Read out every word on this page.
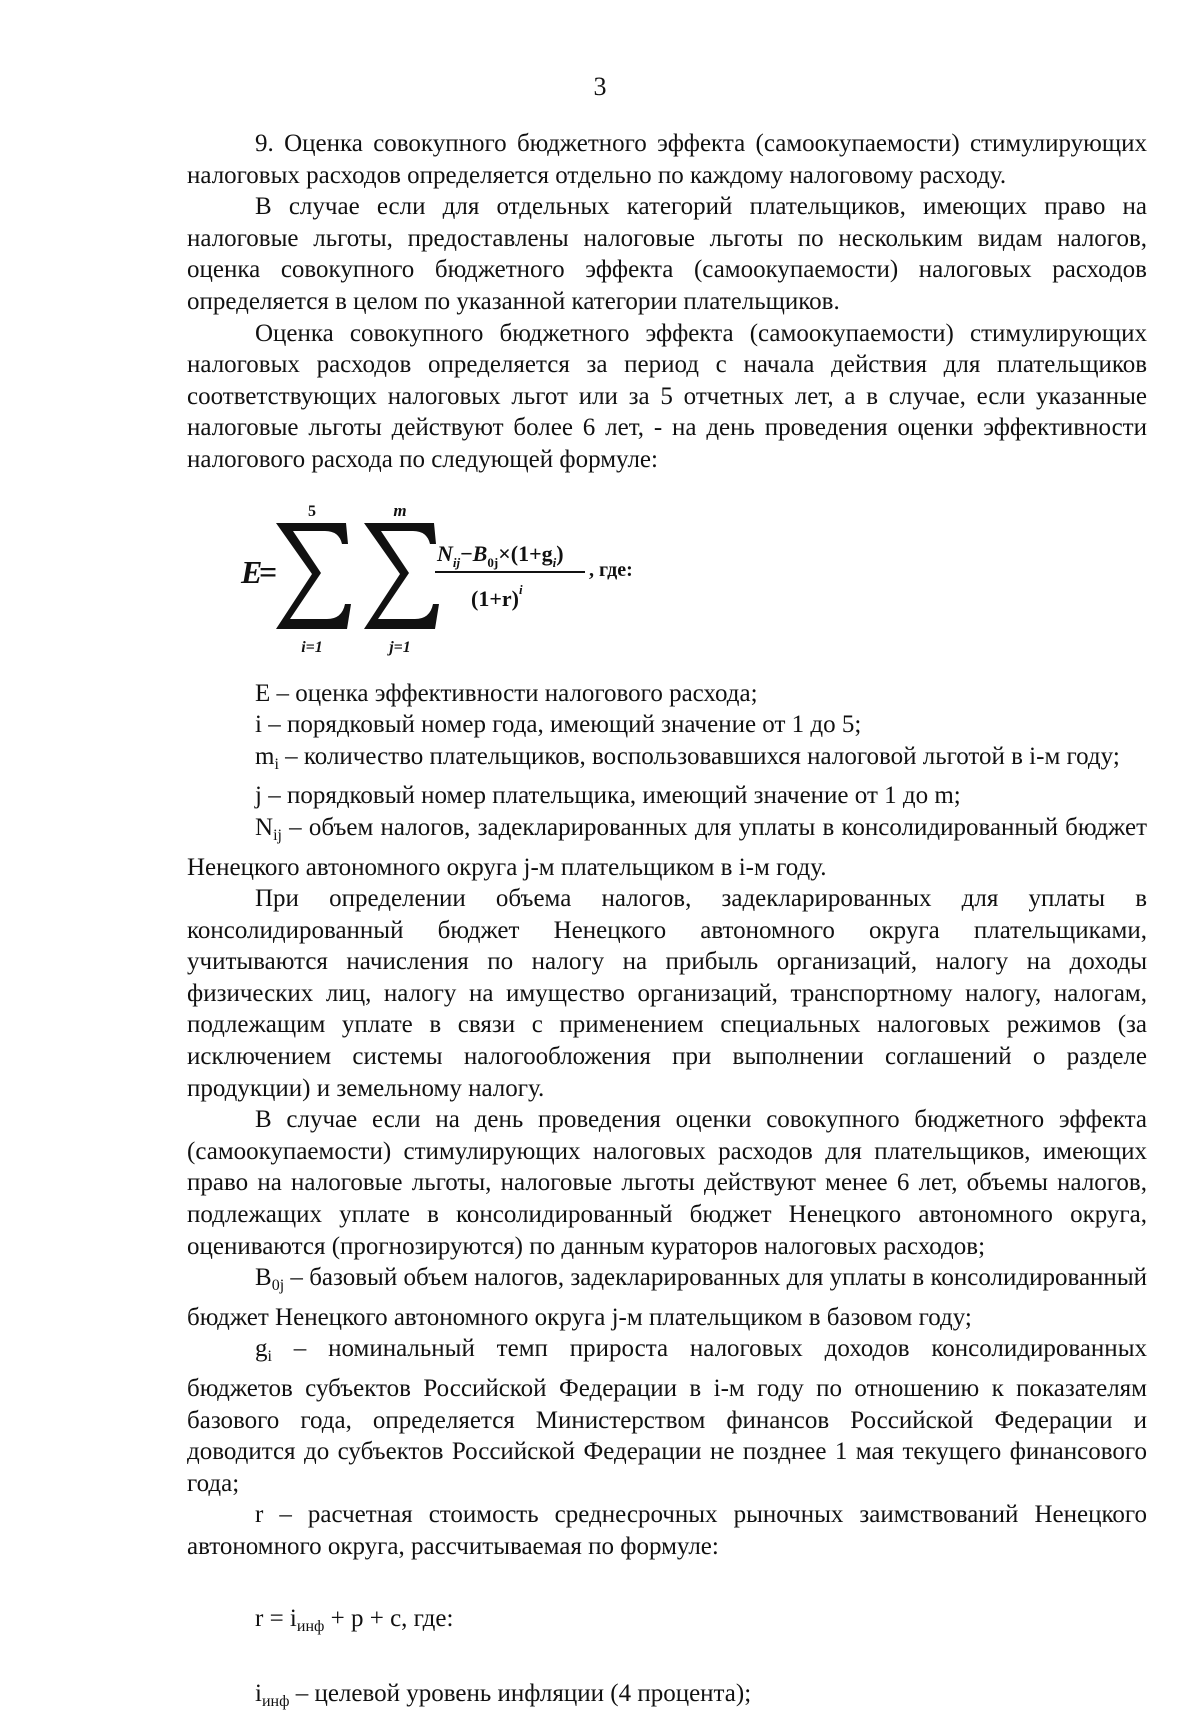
3

9. Оценка совокупного бюджетного эффекта (самоокупаемости) стимулирующих налоговых расходов определяется отдельно по каждому налоговому расходу.

В случае если для отдельных категорий плательщиков, имеющих право на налоговые льготы, предоставлены налоговые льготы по нескольким видам налогов, оценка совокупного бюджетного эффекта (самоокупаемости) налоговых расходов определяется в целом по указанной категории плательщиков.

Оценка совокупного бюджетного эффекта (самоокупаемости) стимулирующих налоговых расходов определяется за период с начала действия для плательщиков соответствующих налоговых льгот или за 5 отчетных лет, а в случае, если указанные налоговые льготы действуют более 6 лет, - на день проведения оценки эффективности налогового расхода по следующей формуле:

E
=
5
i=1
m
j=1
$N_{ij}-B_{0j}\times(1+g_i)$
$(1+r)^i$
, где:

E – оценка эффективности налогового расхода;

i – порядковый номер года, имеющий значение от 1 до 5;

$m_i$ – количество плательщиков, воспользовавшихся налоговой льготой в i-м году;

j – порядковый номер плательщика, имеющий значение от 1 до m;

$N_{ij}$ – объем налогов, задекларированных для уплаты в консолидированный бюджет Ненецкого автономного округа j-м плательщиком в i-м году.

При определении объема налогов, задекларированных для уплаты в консолидированный бюджет Ненецкого автономного округа плательщиками, учитываются начисления по налогу на прибыль организаций, налогу на доходы физических лиц, налогу на имущество организаций, транспортному налогу, налогам, подлежащим уплате в связи с применением специальных налоговых режимов (за исключением системы налогообложения при выполнении соглашений о разделе продукции) и земельному налогу.

В случае если на день проведения оценки совокупного бюджетного эффекта (самоокупаемости) стимулирующих налоговых расходов для плательщиков, имеющих право на налоговые льготы, налоговые льготы действуют менее 6 лет, объемы налогов, подлежащих уплате в консолидированный бюджет Ненецкого автономного округа, оцениваются (прогнозируются) по данным кураторов налоговых расходов;

$B_{0j}$ – базовый объем налогов, задекларированных для уплаты в консолидированный бюджет Ненецкого автономного округа j-м плательщиком в базовом году;

$g_i$ – номинальный темп прироста налоговых доходов консолидированных бюджетов субъектов Российской Федерации в i-м году по отношению к показателям базового года, определяется Министерством финансов Российской Федерации и доводится до субъектов Российской Федерации не позднее 1 мая текущего финансового года;

r – расчетная стоимость среднесрочных рыночных заимствований Ненецкого автономного округа, рассчитываемая по формуле:

$r = i_{инф} + p + c$, где:

$i_{инф}$ – целевой уровень инфляции (4 процента);
